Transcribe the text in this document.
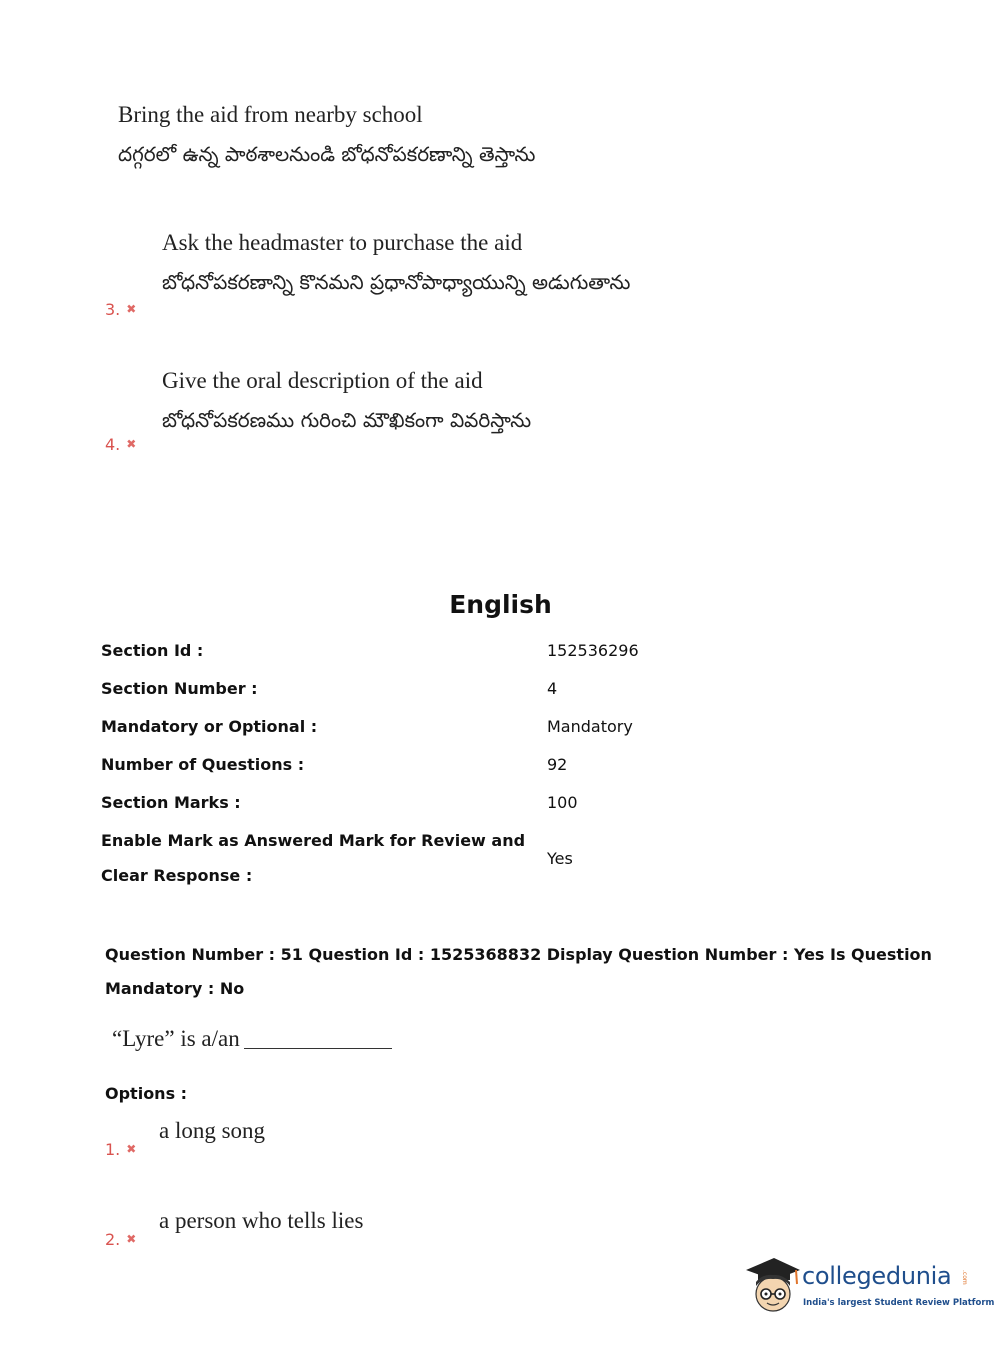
Bring the aid from nearby school
దగ్గరలో ఉన్న పాఠశాలనుండి బోధనోపకరణాన్ని తెస్తాను
Ask the headmaster to purchase the aid
బోధనోపకరణాన్ని కొనమని ప్రధానోపాధ్యాయున్ని అడుగుతాను
3. ✖
Give the oral description of the aid
బోధనోపకరణము గురించి మౌఖికంగా వివరిస్తాను
4. ✖
English
Section Id :	152536296
Section Number :	4
Mandatory or Optional :	Mandatory
Number of Questions :	92
Section Marks :	100
Enable Mark as Answered Mark for Review and
Clear Response :
Yes
Question Number : 51 Question Id : 1525368832 Display Question Number : Yes Is Question
Mandatory : No
“Lyre” is a/an
Options :
a long song
1. ✖
a person who tells lies
2. ✖
collegedunia .com
India's largest Student Review Platform
